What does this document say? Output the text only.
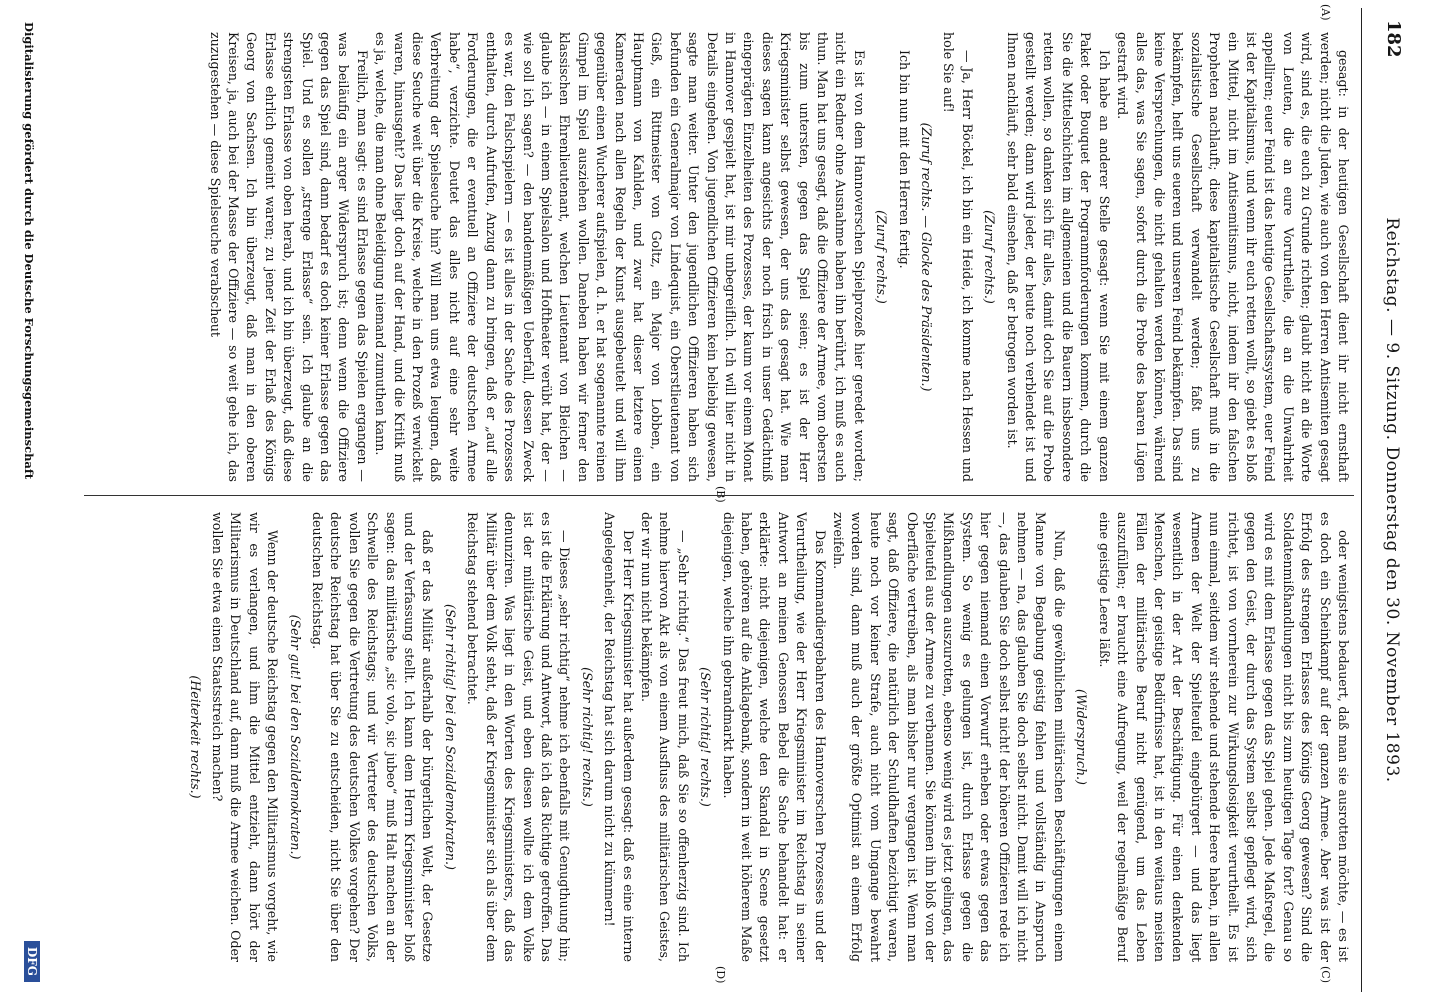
182
Reichstag. — 9. Sitzung. Donnerstag den 30. November 1893.
(A)
(B)
(C)
(D)

gesagt: in der heutigen Gesellschaft dient ihr nicht ernsthaft werden; nicht die Juden, wie auch von den Herren Antisemiten gesagt wird, sind es, die euch zu Grunde richten; glaubt nicht an die Worte von Leuten, die an eure Vorurtheile, die an die Unwahrheit appelliren; euer Feind ist das heutige Gesellschaftssystem, euer Feind ist der Kapitalismus, und wenn ihr euch retten wollt, so giebt es bloß ein Mittel, nicht im Antisemitismus, nicht, indem ihr den falschen Propheten nachlauft; diese kapitalistische Gesellschaft muß in die sozialistische Gesellschaft verwandelt werden; faßt uns zu bekämpfen, helft uns eueren und unseren Feind bekämpfen. Das sind keine Versprechungen, die nicht gehalten werden können, während alles das, was Sie sagen, sofort durch die Probe des baaren Lügen gestraft wird.

Ich habe an anderer Stelle gesagt: wenn Sie mit einem ganzen Paket oder Bouquet der Programmforderungen kommen, durch die Sie die Mittelschichten im allgemeinen und die Bauern insbesondere retten wollen, so danken sich für alles, damit doch Sie auf die Probe gestellt werden; dann wird jeder, der heute noch verblendet ist und Ihnen nachläuft, sehr bald einsehen, daß er betrogen worden ist.

(Zuruf rechts.)

— Ja, Herr Böckel, ich bin ein Heide, ich komme nach Hessen und hole Sie auf!

(Zuruf rechts. — Glocke des Präsidenten.)

Ich bin nun mit den Herren fertig.

(Zuruf rechts.)

Es ist von dem Hannoverschen Spielprozeß hier geredet worden; nicht ein Redner ohne Ausnahme haben ihn berührt, ich muß es auch thun. Man hat uns gesagt, daß die Offiziere der Armee, vom obersten bis zum untersten, gegen das Spiel seien; es ist der Herr Kriegsminister selbst gewesen, der uns das gesagt hat. Wie man dieses sagen kann angesichts der noch frisch in unser Gedächtniß eingeprägten Einzelheiten des Prozesses, der kaum vor einem Monat in Hannover gespielt hat, ist mir unbegreiflich. Ich will hier nicht in Details eingehen. Von jugendlichen Offizieren kein beliebig gewesen, sagte man weiter. Unter den jugendlichen Offizieren haben sich befunden ein Generalmajor von Lindequist, ein Oberstlieutenant von Gieß, ein Rittmeister von Goltz, ein Major von Lobben, ein Hauptmann von Kahlden, und zwar hat dieser letztere einen Kameraden nach allen Regeln der Kunst ausgebeutelt und will ihm gegenüber einen Wucherer aufspielen, d. h. er hat sogenannte reinen Gimpel im Spiel ausziehen wollen. Daneben haben wir ferner den klassischen Ehrenlieutenant, welchen Lieutenant von Bleichen — glaube ich — in einem Spielsalon und Hoftheater verübt hat, der — wie soll ich sagen? — den bandenmäßigen Ueberfall, dessen Zweck es war, den Falschspielern — es ist alles in der Sache des Prozesses enthalten, durch Aufrufen, Anzug dann zu bringen, daß er „auf alle Forderungen, die er eventuell an Offiziere der deutschen Armee habe“, verzichte. Deutet das alles nicht auf eine sehr weite Verbreitung der Spielseuche hin? Will man uns etwa leugnen, daß diese Seuche weit über die Kreise, welche in den Prozeß verwickelt waren, hinausgeht? Das liegt doch auf der Hand, und die Kritik muß es ja, welche, die man ohne Beleidigung niemand zumuthen kann.

Freilich, man sagt: es sind Erlasse gegen das Spielen ergangen — was beiläufig ein arger Widerspruch ist; denn wenn die Offiziere gegen das Spiel sind, dann bedarf es doch keiner Erlasse gegen das Spiel. Und es sollen „strenge Erlasse“ sein. Ich glaube an die strengsten Erlasse von oben herab, und ich bin überzeugt, daß diese Erlasse ehrlich gemeint waren; zu jener Zeit der Erlaß des Königs Georg von Sachsen. Ich bin überzeugt, daß man in den oberen Kreisen, ja, auch bei der Masse der Offiziere — so weit gehe ich, das zuzugestehen — diese Spielseuche verabscheut

oder wenigstens bedauert, daß man sie ausrotten möchte, — es ist es doch ein Scheinkampf auf der ganzen Armee. Aber was ist der Erfolg des strengen Erlasses des Königs Georg gewesen? Sind die Soldatenmißhandlungen nicht bis zum heutigen Tage fort? Genau so wird es mit dem Erlasse gegen das Spiel gehen. Jede Maßregel, die gegen den Geist, der durch das System selbst gepflegt wird, sich richtet, ist von vornherein zur Wirkungslosigkeit verurtheilt. Es ist nun einmal, seitdem wir stehende und stehende Heere haben, in allen Armeen der Welt der Spielteufel eingebürgert — und das liegt wesentlich in der Art der Beschäftigung. Für einen denkenden Menschen, der geistige Bedürfnisse hat, ist in den weitaus meisten Fällen der militärische Beruf nicht genügend, um das Leben auszufüllen; er braucht eine Aufregung, weil der regelmäßige Beruf eine geistige Leere läßt.

(Widerspruch.)

Nun, daß die gewöhnlichen militärischen Beschäftigungen einem Manne von Begabung geistig fehlen und vollständig in Anspruch nehmen — na, das glauben Sie doch selbst nicht. Damit will ich nicht —, das glauben Sie doch selbst nicht! der höheren Offizieren rede ich hier gegen niemand einen Vorwurf erheben oder etwas gegen das System. So wenig es gelungen ist, durch Erlasse gegen die Mißhandlungen auszurotten, ebenso wenig wird es jetzt gelingen, das Spielteufel aus der Armee zu verbannen. Sie können ihn bloß von der Oberfläche vertreiben, als man bisher nur vergangen ist. Wenn man sagt, daß Offiziere, die natürlich der Schuldhaften bezichtigt waren, heute noch vor keiner Strafe, auch nicht vom Umgange bewahrt worden sind, dann muß auch der größte Optimist an einem Erfolg zweifeln.

Das Kommandiergebahren des Hannoverschen Prozesses und der Verurtheilung, wie der Herr Kriegsminister im Reichstag in seiner Antwort an meinen Genossen Bebel die Sache behandelt hat: er erklärte: nicht diejenigen, welche den Skandal in Scene gesetzt haben, gehören auf die Anklagebank, sondern in weit höherem Maße diejenigen, welche ihn gebrandmarkt haben.

(Sehr richtig! rechts.)

— „Sehr richtig.“ Das freut mich, daß Sie so offenherzig sind. Ich nehme hiervon Akt als von einem Ausfluss des militärischen Geistes, der wir nun nicht bekämpfen.

Der Herr Kriegsminister hat außerdem gesagt: daß es eine interne Angelegenheit, der Reichstag hat sich darum nicht zu kümmern!

(Sehr richtig! rechts.)

— Dieses „sehr richtig“ nehme ich ebenfalls mit Genugthuung hin; es ist die Erklärung und Antwort, daß ich das Richtige getroffen. Das ist der militärische Geist, und eben diesen wollte ich dem Volke denunziren. Was liegt in den Worten des Kriegsministers, daß das Militär über dem Volk steht, daß der Kriegsminister sich als über dem Reichstag stehend betrachtet.

(Sehr richtig! bei den Sozialdemokraten.)

daß er das Militär außerhalb der bürgerlichen Welt, der Gesetze und der Verfassung stellt. Ich kann dem Herrn Kriegsminister bloß sagen: das militärische „sic volo, sic jubeo“ muß Halt machen an der Schwelle des Reichstags; und wir Vertreter des deutschen Volks, wollen Sie gegen die Vertretung des deutschen Volkes vorgehen? Der deutsche Reichstag hat über Sie zu entscheiden, nicht Sie über den deutschen Reichstag.

(Sehr gut! bei den Sozialdemokraten.)

Wenn der deutsche Reichstag gegen den Militarismus vorgeht, wie wir es verlangen, und ihm die Mittel entzieht, dann hört der Militarismus in Deutschland auf, dann muß die Armee weichen. Oder wollen Sie etwa einen Staatsstreich machen?

(Heiterkeit rechts.)

Digitalisierung gefördert durch die Deutsche Forschungsgemeinschaft
DFG
